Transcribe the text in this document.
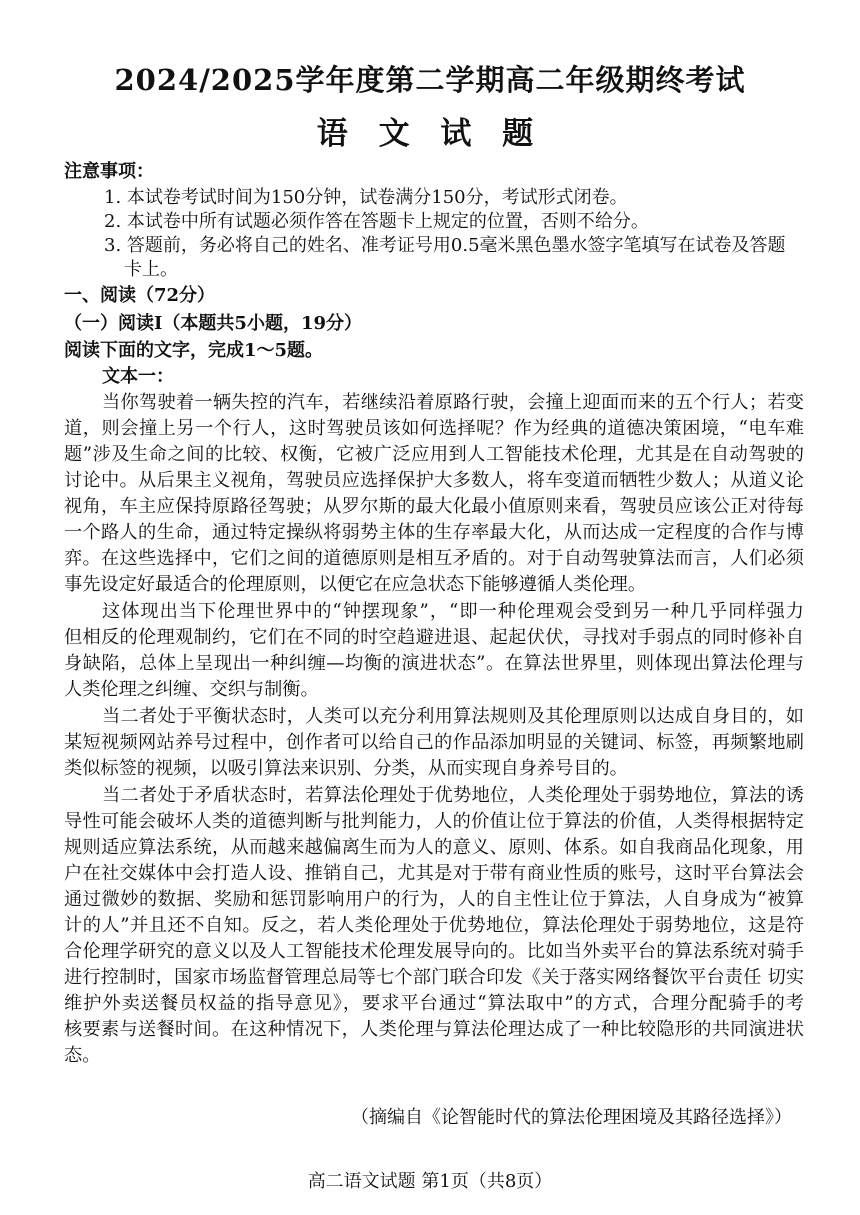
2024/2025学年度第二学期高二年级期终考试
语 文 试 题
注意事项：
1. 本试卷考试时间为150分钟，试卷满分150分，考试形式闭卷。
2. 本试卷中所有试题必须作答在答题卡上规定的位置，否则不给分。
3. 答题前，务必将自己的姓名、准考证号用0.5毫米黑色墨水签字笔填写在试卷及答题
卡上。
一、阅读（72分）
（一）阅读Ⅰ（本题共5小题，19分）
阅读下面的文字，完成1～5题。
文本一：
当你驾驶着一辆失控的汽车，若继续沿着原路行驶，会撞上迎面而来的五个行人；若变
道，则会撞上另一个行人，这时驾驶员该如何选择呢？作为经典的道德决策困境，“电车难
题”涉及生命之间的比较、权衡，它被广泛应用到人工智能技术伦理，尤其是在自动驾驶的
讨论中。从后果主义视角，驾驶员应选择保护大多数人，将车变道而牺牲少数人；从道义论
视角，车主应保持原路径驾驶；从罗尔斯的最大化最小值原则来看，驾驶员应该公正对待每
一个路人的生命，通过特定操纵将弱势主体的生存率最大化，从而达成一定程度的合作与博
弈。在这些选择中，它们之间的道德原则是相互矛盾的。对于自动驾驶算法而言，人们必须
事先设定好最适合的伦理原则，以便它在应急状态下能够遵循人类伦理。
这体现出当下伦理世界中的“钟摆现象”，“即一种伦理观会受到另一种几乎同样强力
但相反的伦理观制约，它们在不同的时空趋避进退、起起伏伏，寻找对手弱点的同时修补自
身缺陷，总体上呈现出一种纠缠—均衡的演进状态”。在算法世界里，则体现出算法伦理与
人类伦理之纠缠、交织与制衡。
当二者处于平衡状态时，人类可以充分利用算法规则及其伦理原则以达成自身目的，如
某短视频网站养号过程中，创作者可以给自己的作品添加明显的关键词、标签，再频繁地刷
类似标签的视频，以吸引算法来识别、分类，从而实现自身养号目的。
当二者处于矛盾状态时，若算法伦理处于优势地位，人类伦理处于弱势地位，算法的诱
导性可能会破坏人类的道德判断与批判能力，人的价值让位于算法的价值，人类得根据特定
规则适应算法系统，从而越来越偏离生而为人的意义、原则、体系。如自我商品化现象，用
户在社交媒体中会打造人设、推销自己，尤其是对于带有商业性质的账号，这时平台算法会
通过微妙的数据、奖励和惩罚影响用户的行为，人的自主性让位于算法，人自身成为“被算
计的人”并且还不自知。反之，若人类伦理处于优势地位，算法伦理处于弱势地位，这是符
合伦理学研究的意义以及人工智能技术伦理发展导向的。比如当外卖平台的算法系统对骑手
进行控制时，国家市场监督管理总局等七个部门联合印发《关于落实网络餐饮平台责任 切实
维护外卖送餐员权益的指导意见》，要求平台通过“算法取中”的方式，合理分配骑手的考
核要素与送餐时间。在这种情况下，人类伦理与算法伦理达成了一种比较隐形的共同演进状
态。
（摘编自《论智能时代的算法伦理困境及其路径选择》）
高二语文试题 第1页（共8页）
